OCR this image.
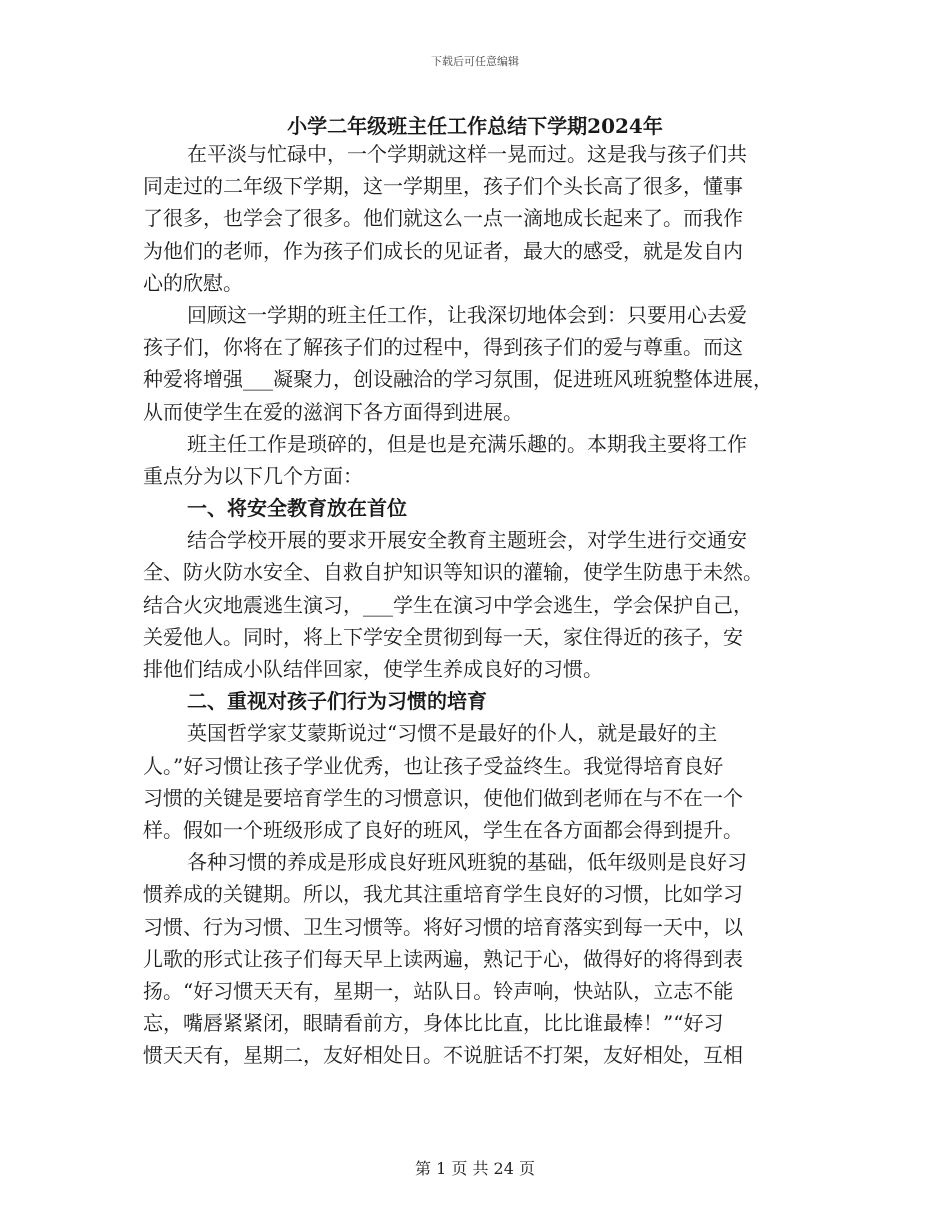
下载后可任意编辑
小学二年级班主任工作总结下学期2024年
在平淡与忙碌中，一个学期就这样一晃而过。这是我与孩子们共
同走过的二年级下学期，这一学期里，孩子们个头长高了很多，懂事
了很多，也学会了很多。他们就这么一点一滴地成长起来了。而我作
为他们的老师，作为孩子们成长的见证者，最大的感受，就是发自内
心的欣慰。
回顾这一学期的班主任工作，让我深切地体会到：只要用心去爱
孩子们，你将在了解孩子们的过程中，得到孩子们的爱与尊重。而这
种爱将增强___凝聚力，创设融洽的学习氛围，促进班风班貌整体进展，
从而使学生在爱的滋润下各方面得到进展。
班主任工作是琐碎的，但是也是充满乐趣的。本期我主要将工作
重点分为以下几个方面：
一、将安全教育放在首位
结合学校开展的要求开展安全教育主题班会，对学生进行交通安
全、防火防水安全、自救自护知识等知识的灌输，使学生防患于未然。
结合火灾地震逃生演习，___学生在演习中学会逃生，学会保护自己，
关爱他人。同时，将上下学安全贯彻到每一天，家住得近的孩子，安
排他们结成小队结伴回家，使学生养成良好的习惯。
二、重视对孩子们行为习惯的培育
英国哲学家艾蒙斯说过“习惯不是最好的仆人，就是最好的主
人。”好习惯让孩子学业优秀，也让孩子受益终生。我觉得培育良好
习惯的关键是要培育学生的习惯意识，使他们做到老师在与不在一个
样。假如一个班级形成了良好的班风，学生在各方面都会得到提升。
各种习惯的养成是形成良好班风班貌的基础，低年级则是良好习
惯养成的关键期。所以，我尤其注重培育学生良好的习惯，比如学习
习惯、行为习惯、卫生习惯等。将好习惯的培育落实到每一天中，以
儿歌的形式让孩子们每天早上读两遍，熟记于心，做得好的将得到表
扬。“好习惯天天有，星期一，站队日。铃声响，快站队，立志不能
忘，嘴唇紧紧闭，眼睛看前方，身体比比直，比比谁最棒！”“好习
惯天天有，星期二，友好相处日。不说脏话不打架，友好相处，互相
第 1 页 共 24 页
